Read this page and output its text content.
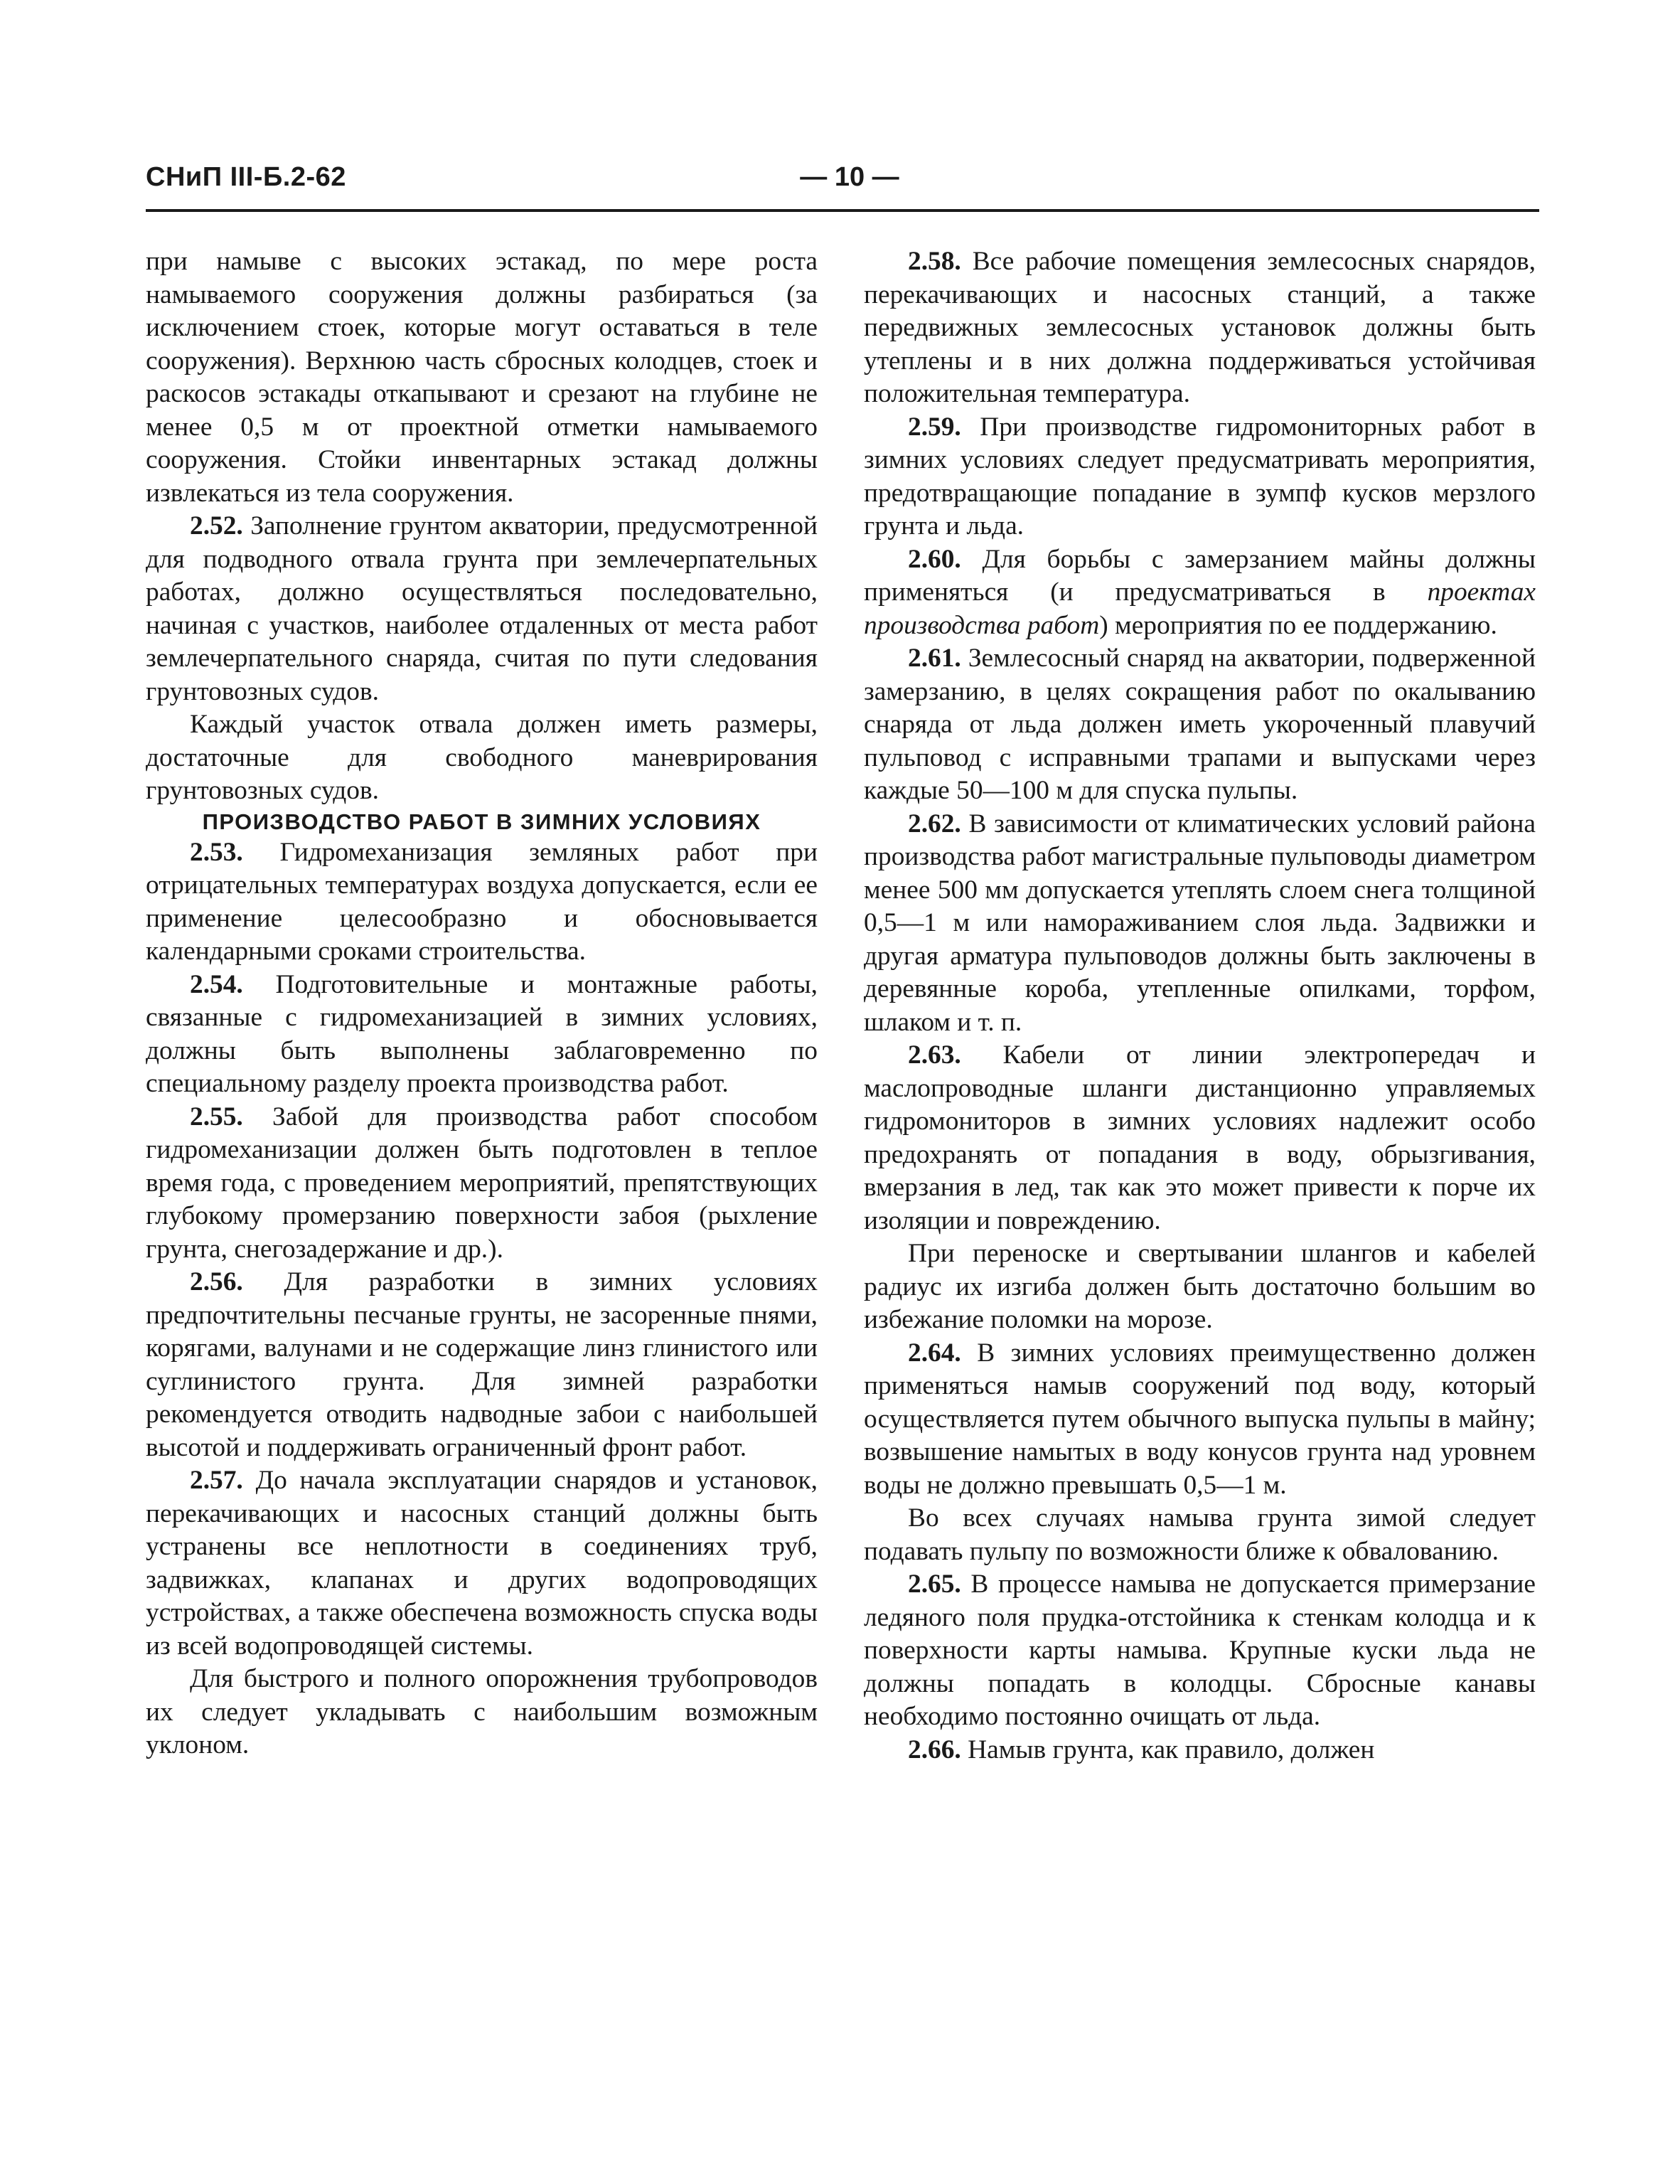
СНиП III-Б.2-62	— 10 —

при намыве с высоких эстакад, по мере роста намываемого сооружения должны разбираться (за исключением стоек, которые могут оставаться в теле сооружения). Верхнюю часть сбросных колодцев, стоек и раскосов эстакады откапывают и срезают на глубине не менее 0,5 м от проектной отметки намываемого сооружения. Стойки инвентарных эстакад должны извлекаться из тела сооружения.

2.52. Заполнение грунтом акватории, предусмотренной для подводного отвала грунта при землечерпательных работах, должно осуществляться последовательно, начиная с участков, наиболее отдаленных от места работ землечерпательного снаряда, считая по пути следования грунтовозных судов.

Каждый участок отвала должен иметь размеры, достаточные для свободного маневрирования грунтовозных судов.

ПРОИЗВОДСТВО РАБОТ В ЗИМНИХ УСЛОВИЯХ

2.53. Гидромеханизация земляных работ при отрицательных температурах воздуха допускается, если ее применение целесообразно и обосновывается календарными сроками строительства.

2.54. Подготовительные и монтажные работы, связанные с гидромеханизацией в зимних условиях, должны быть выполнены заблаговременно по специальному разделу проекта производства работ.

2.55. Забой для производства работ способом гидромеханизации должен быть подготовлен в теплое время года, с проведением мероприятий, препятствующих глубокому промерзанию поверхности забоя (рыхление грунта, снегозадержание и др.).

2.56. Для разработки в зимних условиях предпочтительны песчаные грунты, не засоренные пнями, корягами, валунами и не содержащие линз глинистого или суглинистого грунта. Для зимней разработки рекомендуется отводить надводные забои с наибольшей высотой и поддерживать ограниченный фронт работ.

2.57. До начала эксплуатации снарядов и установок, перекачивающих и насосных станций должны быть устранены все неплотности в соединениях труб, задвижках, клапанах и других водопроводящих устройствах, а также обеспечена возможность спуска воды из всей водопроводящей системы.

Для быстрого и полного опорожнения трубопроводов их следует укладывать с наибольшим возможным уклоном.

2.58. Все рабочие помещения землесосных снарядов, перекачивающих и насосных станций, а также передвижных землесосных установок должны быть утеплены и в них должна поддерживаться устойчивая положительная температура.

2.59. При производстве гидромониторных работ в зимних условиях следует предусматривать мероприятия, предотвращающие попадание в зумпф кусков мерзлого грунта и льда.

2.60. Для борьбы с замерзанием майны должны применяться (и предусматриваться в проектах производства работ) мероприятия по ее поддержанию.

2.61. Землесосный снаряд на акватории, подверженной замерзанию, в целях сокращения работ по окалыванию снаряда от льда должен иметь укороченный плавучий пульповод с исправными трапами и выпусками через каждые 50—100 м для спуска пульпы.

2.62. В зависимости от климатических условий района производства работ магистральные пульповоды диаметром менее 500 мм допускается утеплять слоем снега толщиной 0,5—1 м или намораживанием слоя льда. Задвижки и другая арматура пульповодов должны быть заключены в деревянные короба, утепленные опилками, торфом, шлаком и т. п.

2.63. Кабели от линии электропередач и маслопроводные шланги дистанционно управляемых гидромониторов в зимних условиях надлежит особо предохранять от попадания в воду, обрызгивания, вмерзания в лед, так как это может привести к порче их изоляции и повреждению.

При переноске и свертывании шлангов и кабелей радиус их изгиба должен быть достаточно большим во избежание поломки на морозе.

2.64. В зимних условиях преимущественно должен применяться намыв сооружений под воду, который осуществляется путем обычного выпуска пульпы в майну; возвышение намытых в воду конусов грунта над уровнем воды не должно превышать 0,5—1 м.

Во всех случаях намыва грунта зимой следует подавать пульпу по возможности ближе к обвалованию.

2.65. В процессе намыва не допускается примерзание ледяного поля прудка-отстойника к стенкам колодца и к поверхности карты намыва. Крупные куски льда не должны попадать в колодцы. Сбросные канавы необходимо постоянно очищать от льда.

2.66. Намыв грунта, как правило, должен
